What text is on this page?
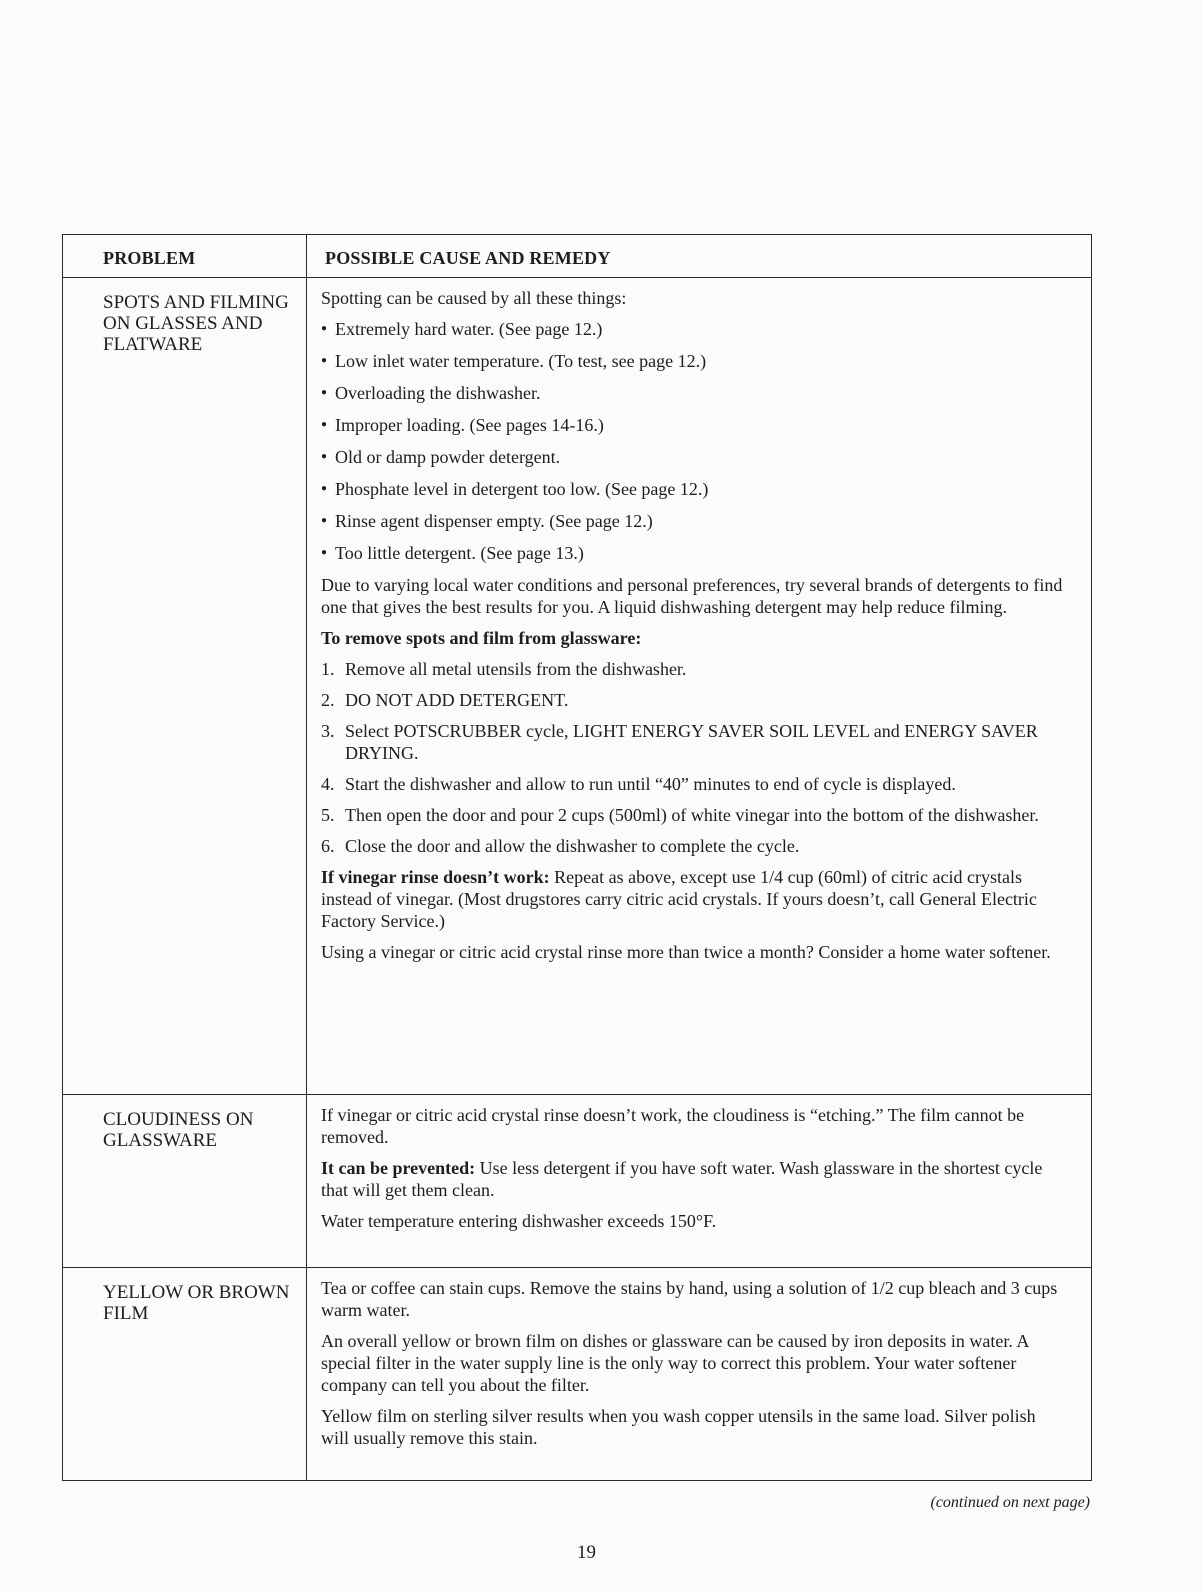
PROBLEM	POSSIBLE CAUSE AND REMEDY
SPOTS AND FILMING
ON GLASSES AND
FLATWARE

Spotting can be caused by all these things:

● Extremely hard water. (See page 12.)
● Low inlet water temperature. (To test, see page 12.)
● Overloading the dishwasher.
● Improper loading. (See pages 14-16.)
● Old or damp powder detergent.
● Phosphate level in detergent too low. (See page 12.)
● Rinse agent dispenser empty. (See page 12.)
● Too little detergent. (See page 13.)

Due to varying local water conditions and personal preferences, try several brands of detergents to find one that gives the best results for you. A liquid dishwashing detergent may help reduce filming.

To remove spots and film from glassware:

1. Remove all metal utensils from the dishwasher.
2. DO NOT ADD DETERGENT.
3. Select POTSCRUBBER cycle, LIGHT ENERGY SAVER SOIL LEVEL and ENERGY SAVER DRYING.
4. Start the dishwasher and allow to run until “40” minutes to end of cycle is displayed.
5. Then open the door and pour 2 cups (500ml) of white vinegar into the bottom of the dishwasher.
6. Close the door and allow the dishwasher to complete the cycle.

If vinegar rinse doesn’t work: Repeat as above, except use 1/4 cup (60ml) of citric acid crystals instead of vinegar. (Most drugstores carry citric acid crystals. If yours doesn’t, call General Electric Factory Service.)

Using a vinegar or citric acid crystal rinse more than twice a month? Consider a home water softener.

CLOUDINESS ON
GLASSWARE

If vinegar or citric acid crystal rinse doesn’t work, the cloudiness is “etching.” The film cannot be removed.

It can be prevented: Use less detergent if you have soft water. Wash glassware in the shortest cycle that will get them clean.

Water temperature entering dishwasher exceeds 150°F.

YELLOW OR BROWN
FILM

Tea or coffee can stain cups. Remove the stains by hand, using a solution of 1/2 cup bleach and 3 cups warm water.

An overall yellow or brown film on dishes or glassware can be caused by iron deposits in water. A special filter in the water supply line is the only way to correct this problem. Your water softener company can tell you about the filter.

Yellow film on sterling silver results when you wash copper utensils in the same load. Silver polish will usually remove this stain.

(continued on next page)
19
